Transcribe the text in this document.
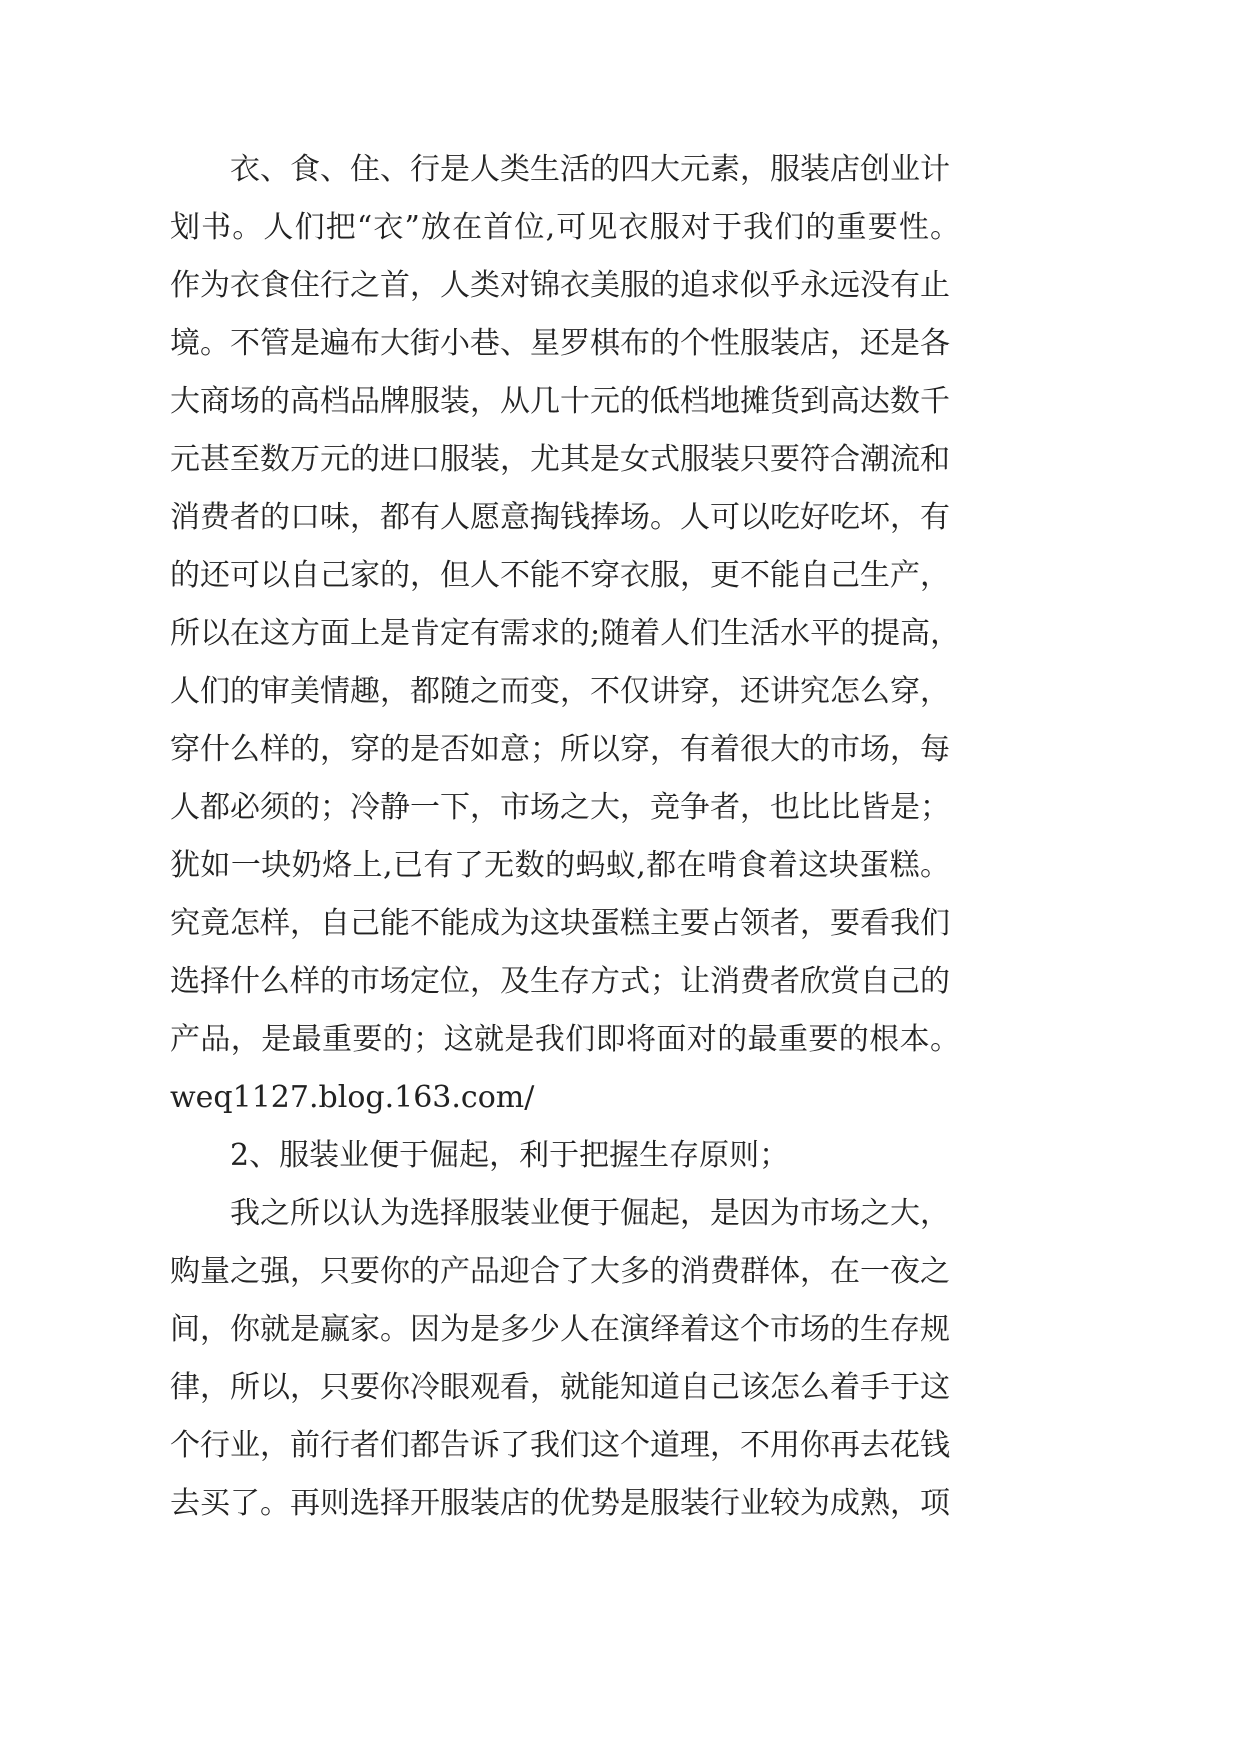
衣、食、住、行是人类生活的四大元素，服装店创业计
划书。人们把“衣”放在首位,可见衣服对于我们的重要性。
作为衣食住行之首，人类对锦衣美服的追求似乎永远没有止
境。不管是遍布大街小巷、星罗棋布的个性服装店，还是各
大商场的高档品牌服装，从几十元的低档地摊货到高达数千
元甚至数万元的进口服装，尤其是女式服装只要符合潮流和
消费者的口味，都有人愿意掏钱捧场。人可以吃好吃坏，有
的还可以自己家的，但人不能不穿衣服，更不能自己生产，
所以在这方面上是肯定有需求的;随着人们生活水平的提高，
人们的审美情趣，都随之而变，不仅讲穿，还讲究怎么穿，
穿什么样的，穿的是否如意；所以穿，有着很大的市场，每
人都必须的；冷静一下，市场之大，竞争者，也比比皆是；
犹如一块奶烙上,已有了无数的蚂蚁,都在啃食着这块蛋糕。
究竟怎样，自己能不能成为这块蛋糕主要占领者，要看我们
选择什么样的市场定位，及生存方式；让消费者欣赏自己的
产品，是最重要的；这就是我们即将面对的最重要的根本。
weq1127.blog.163.com/
2、服装业便于倔起，利于把握生存原则；
我之所以认为选择服装业便于倔起，是因为市场之大，
购量之强，只要你的产品迎合了大多的消费群体，在一夜之
间，你就是赢家。因为是多少人在演绎着这个市场的生存规
律，所以，只要你冷眼观看，就能知道自己该怎么着手于这
个行业，前行者们都告诉了我们这个道理，不用你再去花钱
去买了。再则选择开服装店的优势是服装行业较为成熟，项
